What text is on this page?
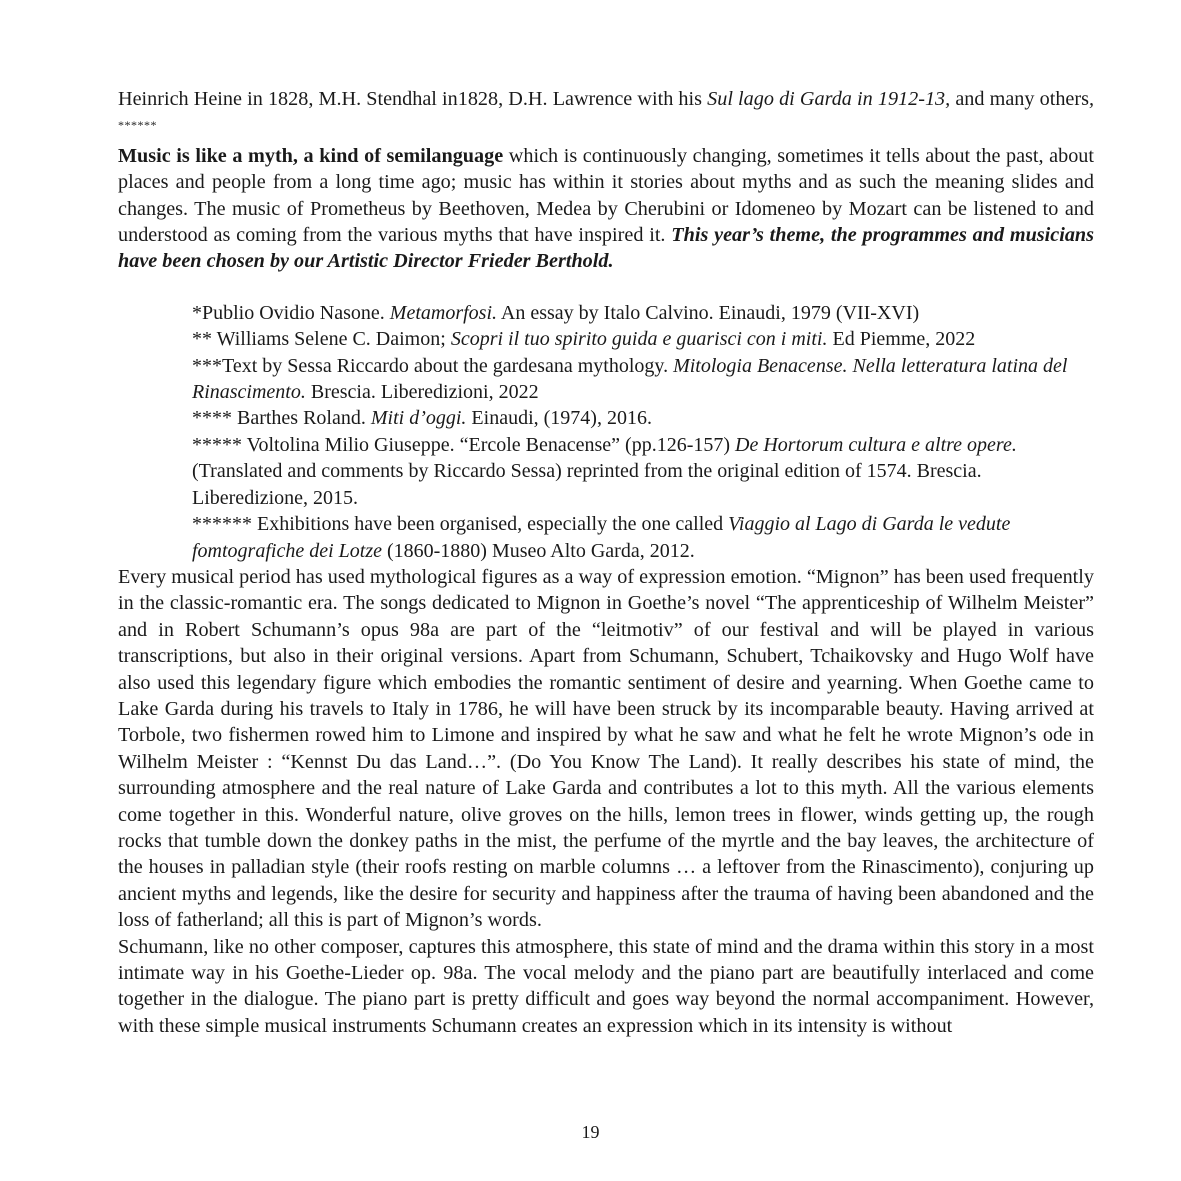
Heinrich Heine in 1828, M.H. Stendhal in1828, D.H. Lawrence with his Sul lago di Garda in 1912-13, and many others, ******

Music is like a myth, a kind of semilanguage which is continuously changing, sometimes it tells about the past, about places and people from a long time ago; music has within it stories about myths and as such the meaning slides and changes. The music of Prometheus by Beethoven, Medea by Cherubini or Idomeneo by Mozart can be listened to and understood as coming from the various myths that have inspired it. This year’s theme, the programmes and musicians have been chosen by our Artistic Director Frieder Berthold.

*Publio Ovidio Nasone. Metamorfosi. An essay by Italo Calvino. Einaudi, 1979 (VII-XVI)

** Williams Selene C. Daimon; Scopri il tuo spirito guida e guarisci con i miti. Ed Piemme, 2022

***Text by Sessa Riccardo about the gardesana mythology. Mitologia Benacense. Nella letteratura latina del Rinascimento. Brescia. Liberedizioni, 2022

**** Barthes Roland. Miti d’oggi. Einaudi, (1974), 2016.

***** Voltolina Milio Giuseppe. “Ercole Benacense” (pp.126-157) De Hortorum cultura e altre opere. (Translated and comments by Riccardo Sessa) reprinted from the original edition of 1574. Brescia. Liberedizione, 2015.

****** Exhibitions have been organised, especially the one called Viaggio al Lago di Garda le vedute fomtografiche dei Lotze (1860-1880) Museo Alto Garda, 2012.

Every musical period has used mythological figures as a way of expression emotion. “Mignon” has been used frequently in the classic-romantic era. The songs dedicated to Mignon in Goethe’s novel “The apprenticeship of Wilhelm Meister” and in Robert Schumann’s opus 98a are part of the “leitmotiv” of our festival and will be played in various transcriptions, but also in their original versions. Apart from Schumann, Schubert, Tchaikovsky and Hugo Wolf have also used this legendary figure which embodies the romantic sentiment of desire and yearning. When Goethe came to Lake Garda during his travels to Italy in 1786, he will have been struck by its incomparable beauty. Having arrived at Torbole, two fishermen rowed him to Limone and inspired by what he saw and what he felt he wrote Mignon’s ode in Wilhelm Meister : “Kennst Du das Land…”. (Do You Know The Land). It really describes his state of mind, the surrounding atmosphere and the real nature of Lake Garda and contributes a lot to this myth. All the various elements come together in this. Wonderful nature, olive groves on the hills, lemon trees in flower, winds getting up, the rough rocks that tumble down the donkey paths in the mist, the perfume of the myrtle and the bay leaves, the architecture of the houses in palladian style (their roofs resting on marble columns … a leftover from the Rinascimento), conjuring up ancient myths and legends, like the desire for security and happiness after the trauma of having been abandoned and the loss of fatherland; all this is part of Mignon’s words.

Schumann, like no other composer, captures this atmosphere, this state of mind and the drama within this story in a most intimate way in his Goethe-Lieder op. 98a. The vocal melody and the piano part are beautifully interlaced and come together in the dialogue. The piano part is pretty difficult and goes way beyond the normal accompaniment. However, with these simple musical instruments Schumann creates an expression which in its intensity is without

19
